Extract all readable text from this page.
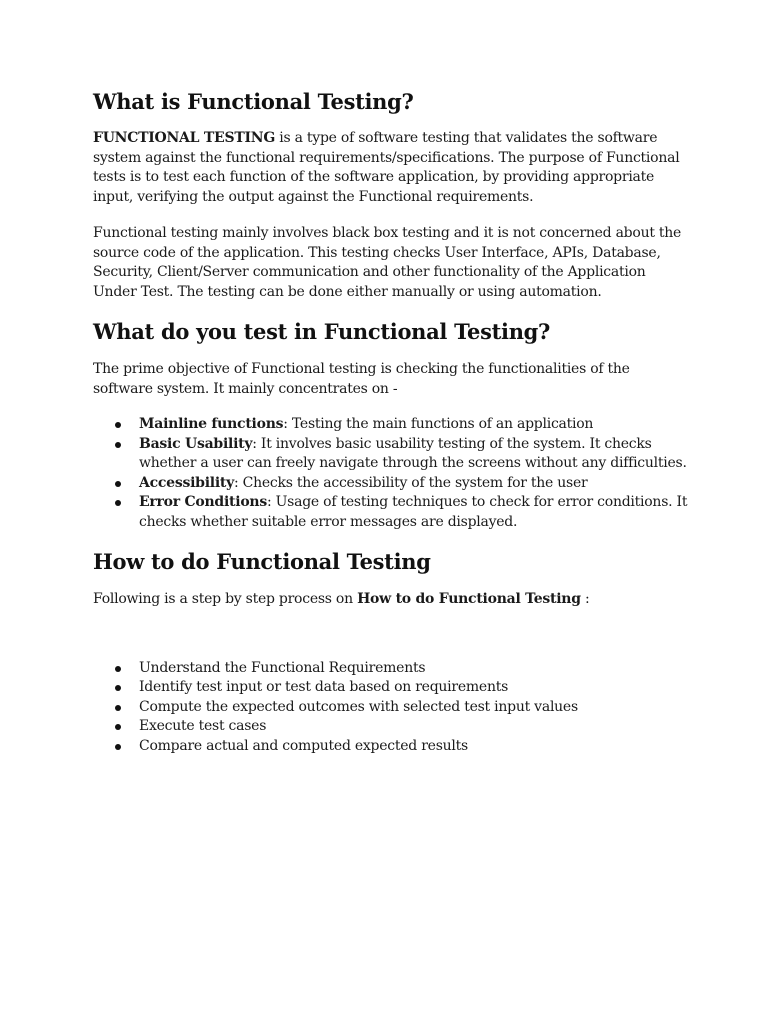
What is Functional Testing?

FUNCTIONAL TESTING is a type of software testing that validates the software system against the functional requirements/specifications. The purpose of Functional tests is to test each function of the software application, by providing appropriate input, verifying the output against the Functional requirements.

Functional testing mainly involves black box testing and it is not concerned about the source code of the application. This testing checks User Interface, APIs, Database, Security, Client/Server communication and other functionality of the Application Under Test. The testing can be done either manually or using automation.

What do you test in Functional Testing?

The prime objective of Functional testing is checking the functionalities of the software system. It mainly concentrates on -

Mainline functions: Testing the main functions of an application
Basic Usability: It involves basic usability testing of the system. It checks whether a user can freely navigate through the screens without any difficulties.
Accessibility: Checks the accessibility of the system for the user
Error Conditions: Usage of testing techniques to check for error conditions. It checks whether suitable error messages are displayed.
How to do Functional Testing

Following is a step by step process on How to do Functional Testing :

Understand the Functional Requirements
Identify test input or test data based on requirements
Compute the expected outcomes with selected test input values
Execute test cases
Compare actual and computed expected results
